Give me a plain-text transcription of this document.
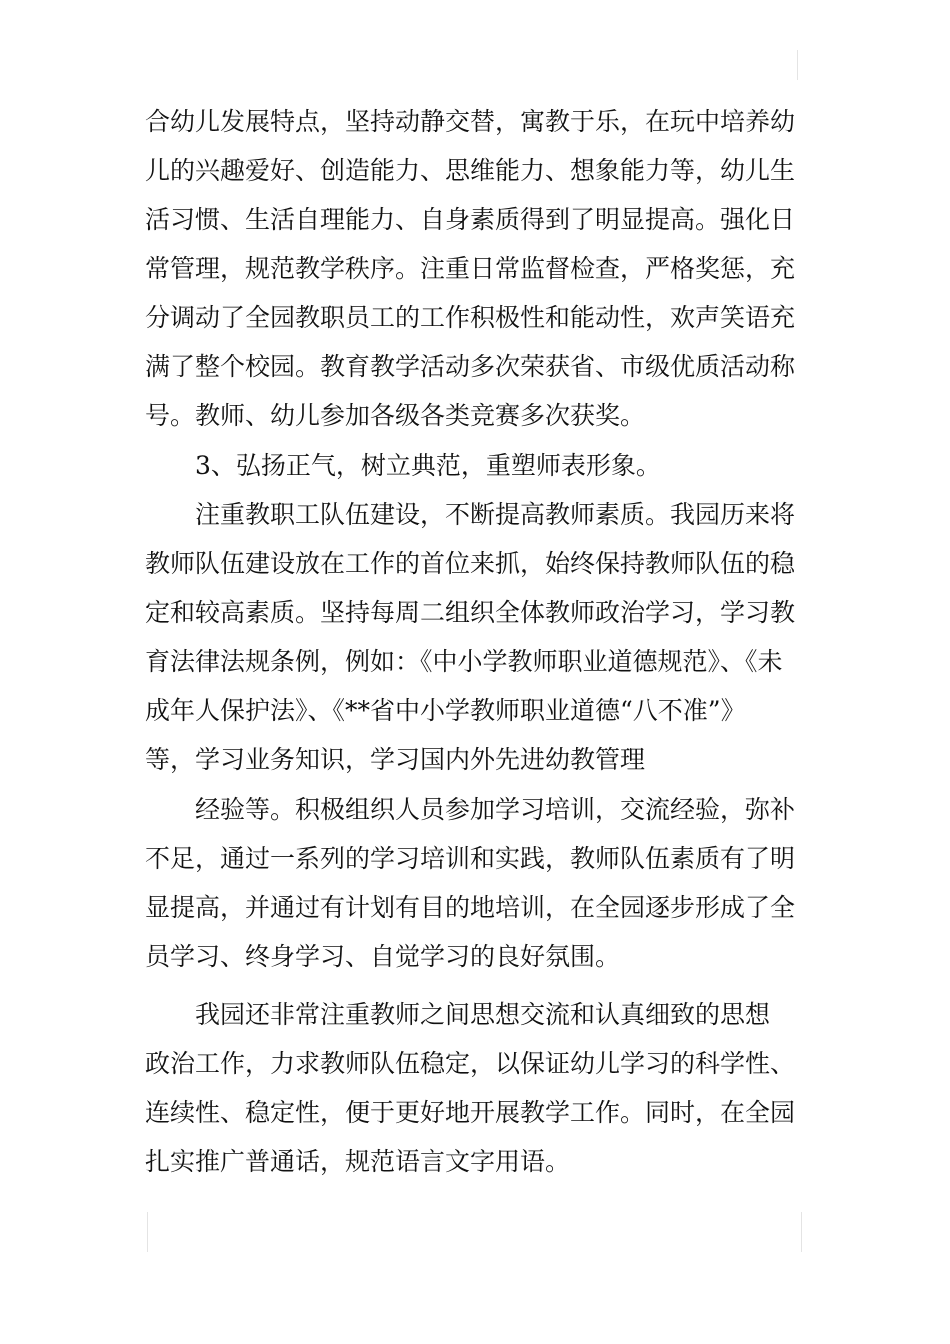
合幼儿发展特点，坚持动静交替，寓教于乐，在玩中培养幼
儿的兴趣爱好、创造能力、思维能力、想象能力等，幼儿生
活习惯、生活自理能力、自身素质得到了明显提高。强化日
常管理，规范教学秩序。注重日常监督检查，严格奖惩，充
分调动了全园教职员工的工作积极性和能动性，欢声笑语充
满了整个校园。教育教学活动多次荣获省、市级优质活动称
号。教师、幼儿参加各级各类竞赛多次获奖。
3、弘扬正气，树立典范，重塑师表形象。
注重教职工队伍建设，不断提高教师素质。我园历来将
教师队伍建设放在工作的首位来抓，始终保持教师队伍的稳
定和较高素质。坚持每周二组织全体教师政治学习，学习教
育法律法规条例，例如：《中小学教师职业道德规范》、《未
成年人保护法》、《**省中小学教师职业道德“八不准”》
等，学习业务知识，学习国内外先进幼教管理
经验等。积极组织人员参加学习培训，交流经验，弥补
不足，通过一系列的学习培训和实践，教师队伍素质有了明
显提高，并通过有计划有目的地培训，在全园逐步形成了全
员学习、终身学习、自觉学习的良好氛围。
我园还非常注重教师之间思想交流和认真细致的思想
政治工作，力求教师队伍稳定，以保证幼儿学习的科学性、
连续性、稳定性，便于更好地开展教学工作。同时，在全园
扎实推广普通话，规范语言文字用语。
